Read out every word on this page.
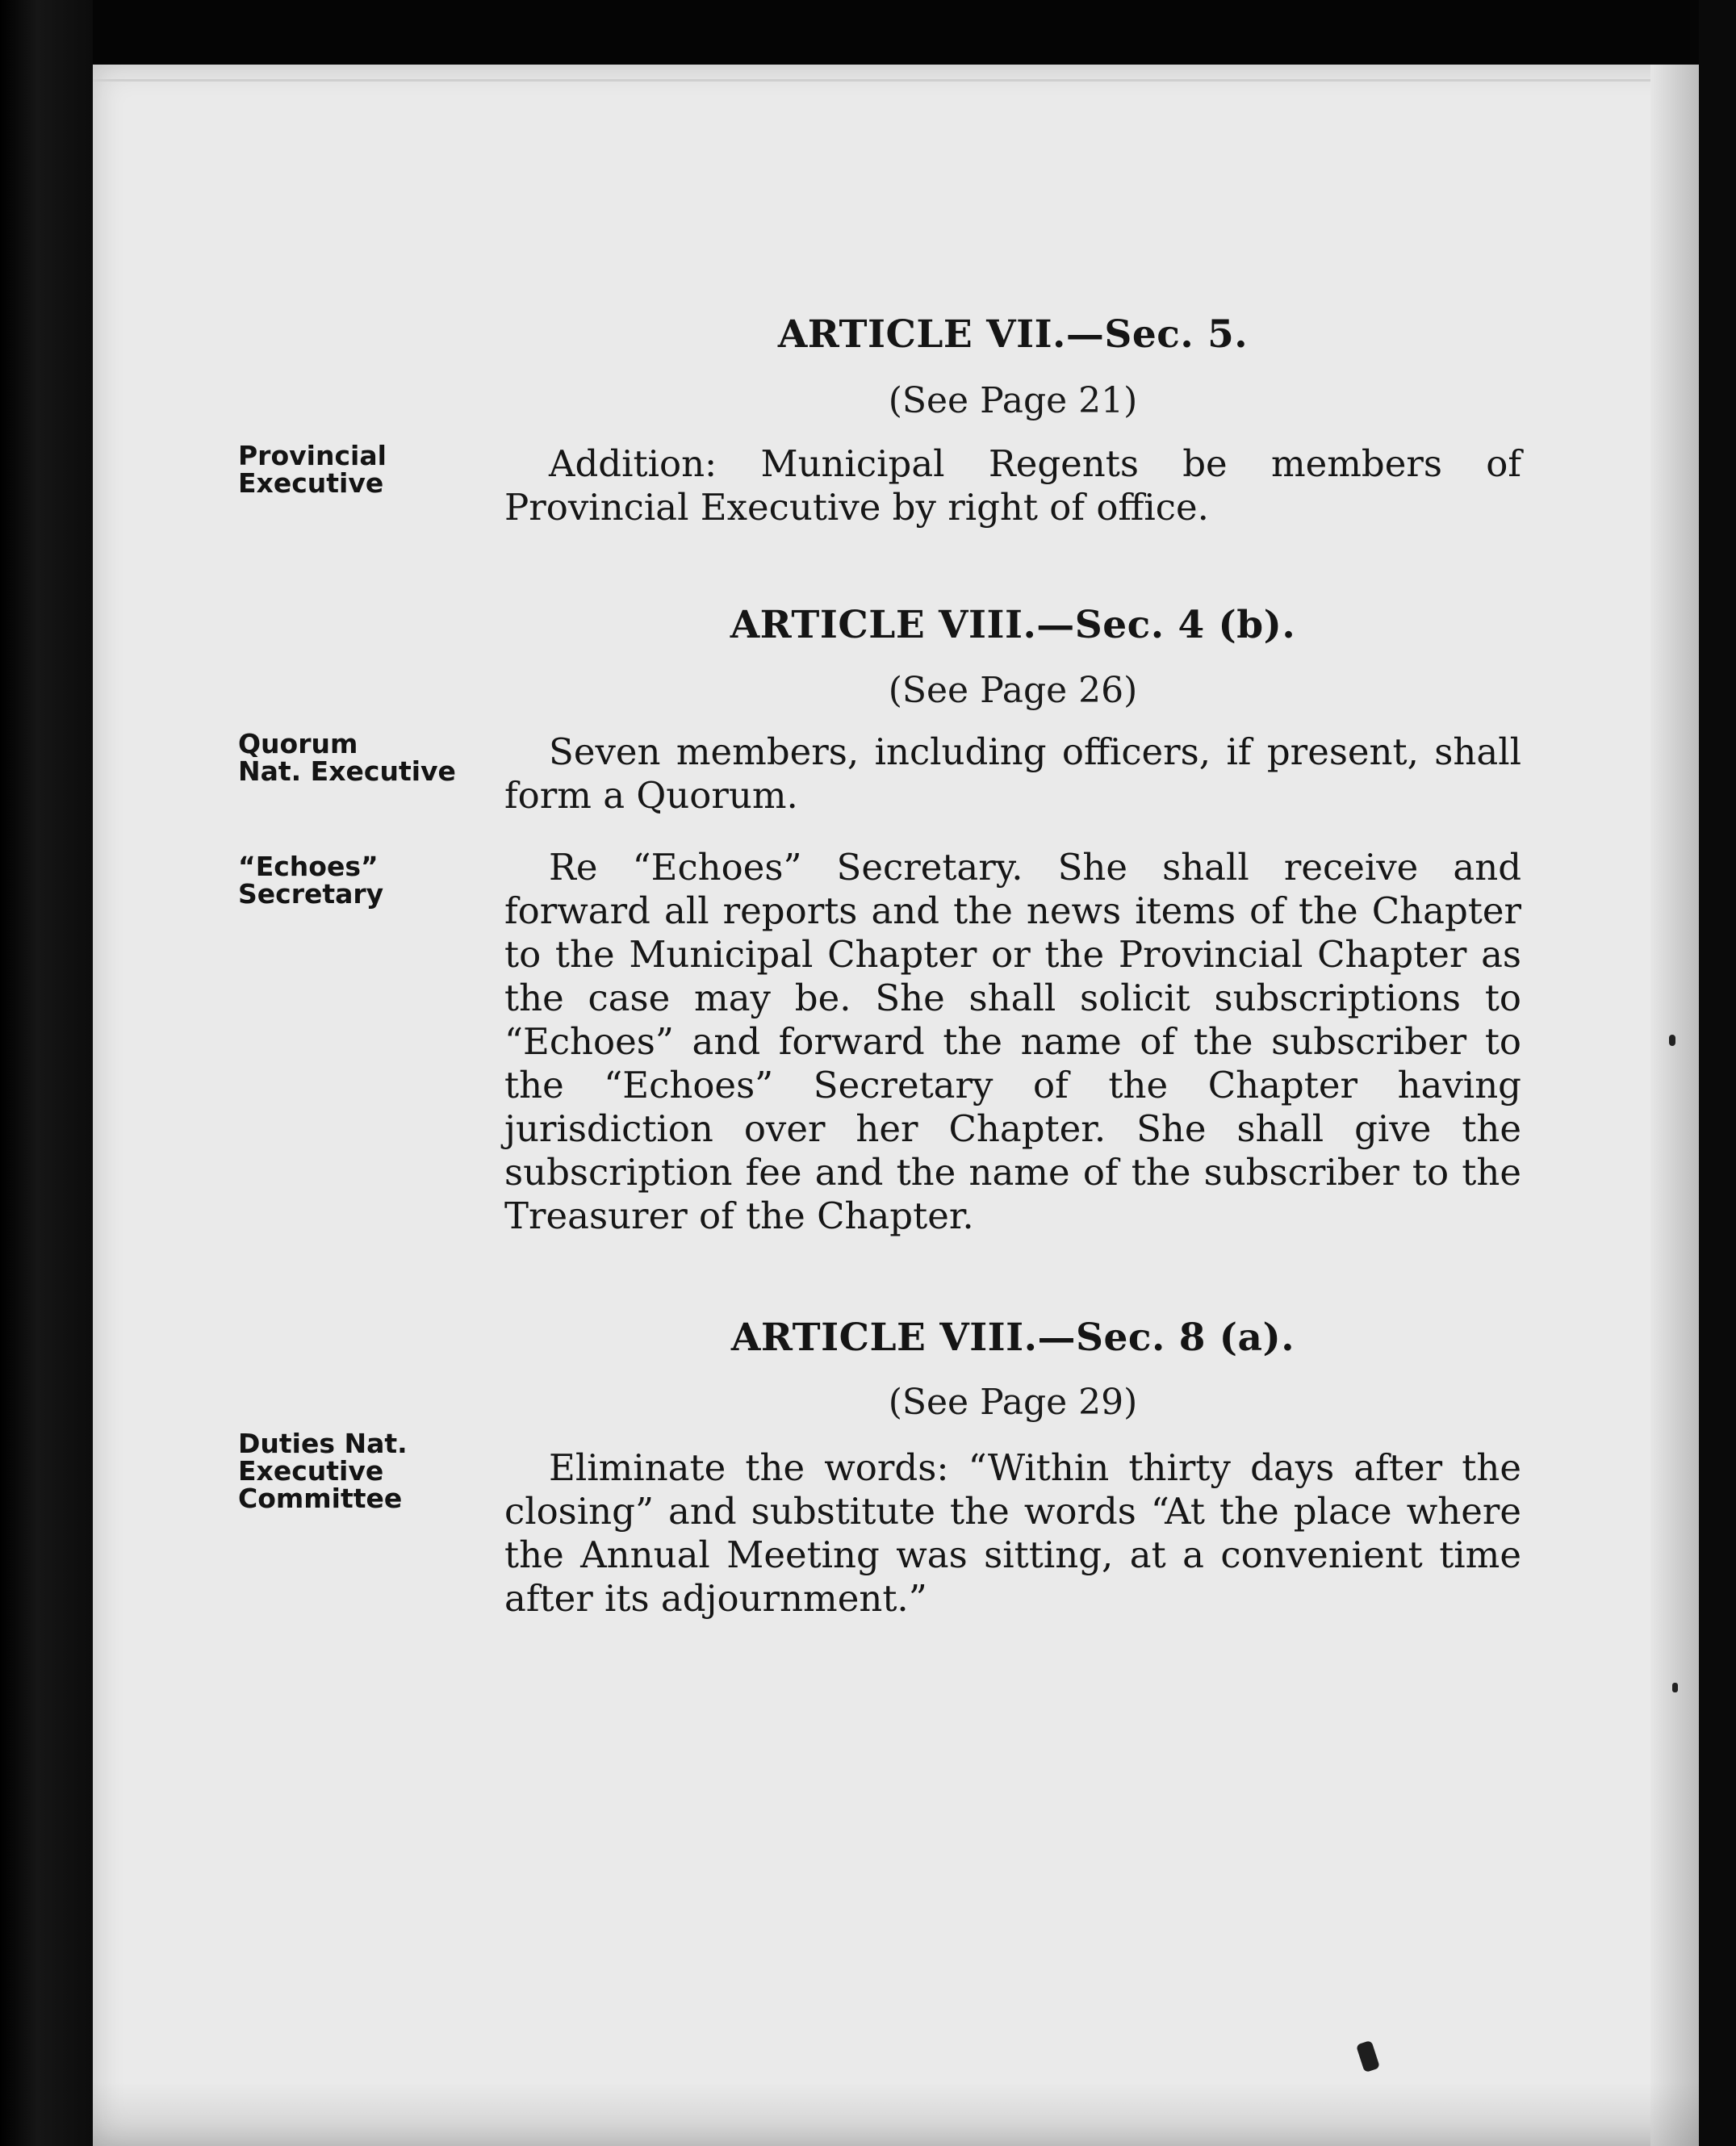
ARTICLE VII.—Sec. 5.

(See Page 21)

Provincial
Executive	Addition: Municipal Regents be members of Provincial Executive by right of office.

ARTICLE VIII.—Sec. 4 (b).

(See Page 26)

Quorum
Nat. Executive	Seven members, including officers, if present, shall form a Quorum.

“Echoes”
Secretary

Re “Echoes” Secretary. She shall receive and forward all reports and the news items of the Chapter to the Municipal Chapter or the Provincial Chapter as the case may be. She shall solicit subscriptions to “Echoes” and forward the name of the subscriber to the “Echoes” Secretary of the Chapter having jurisdiction over her Chapter. She shall give the subscription fee and the name of the subscriber to the Treasurer of the Chapter.

ARTICLE VIII.—Sec. 8 (a).

(See Page 29)

Duties Nat.
Executive
Committee

Eliminate the words: “Within thirty days after the closing” and substitute the words “At the place where the Annual Meeting was sitting, at a convenient time after its adjournment.”
